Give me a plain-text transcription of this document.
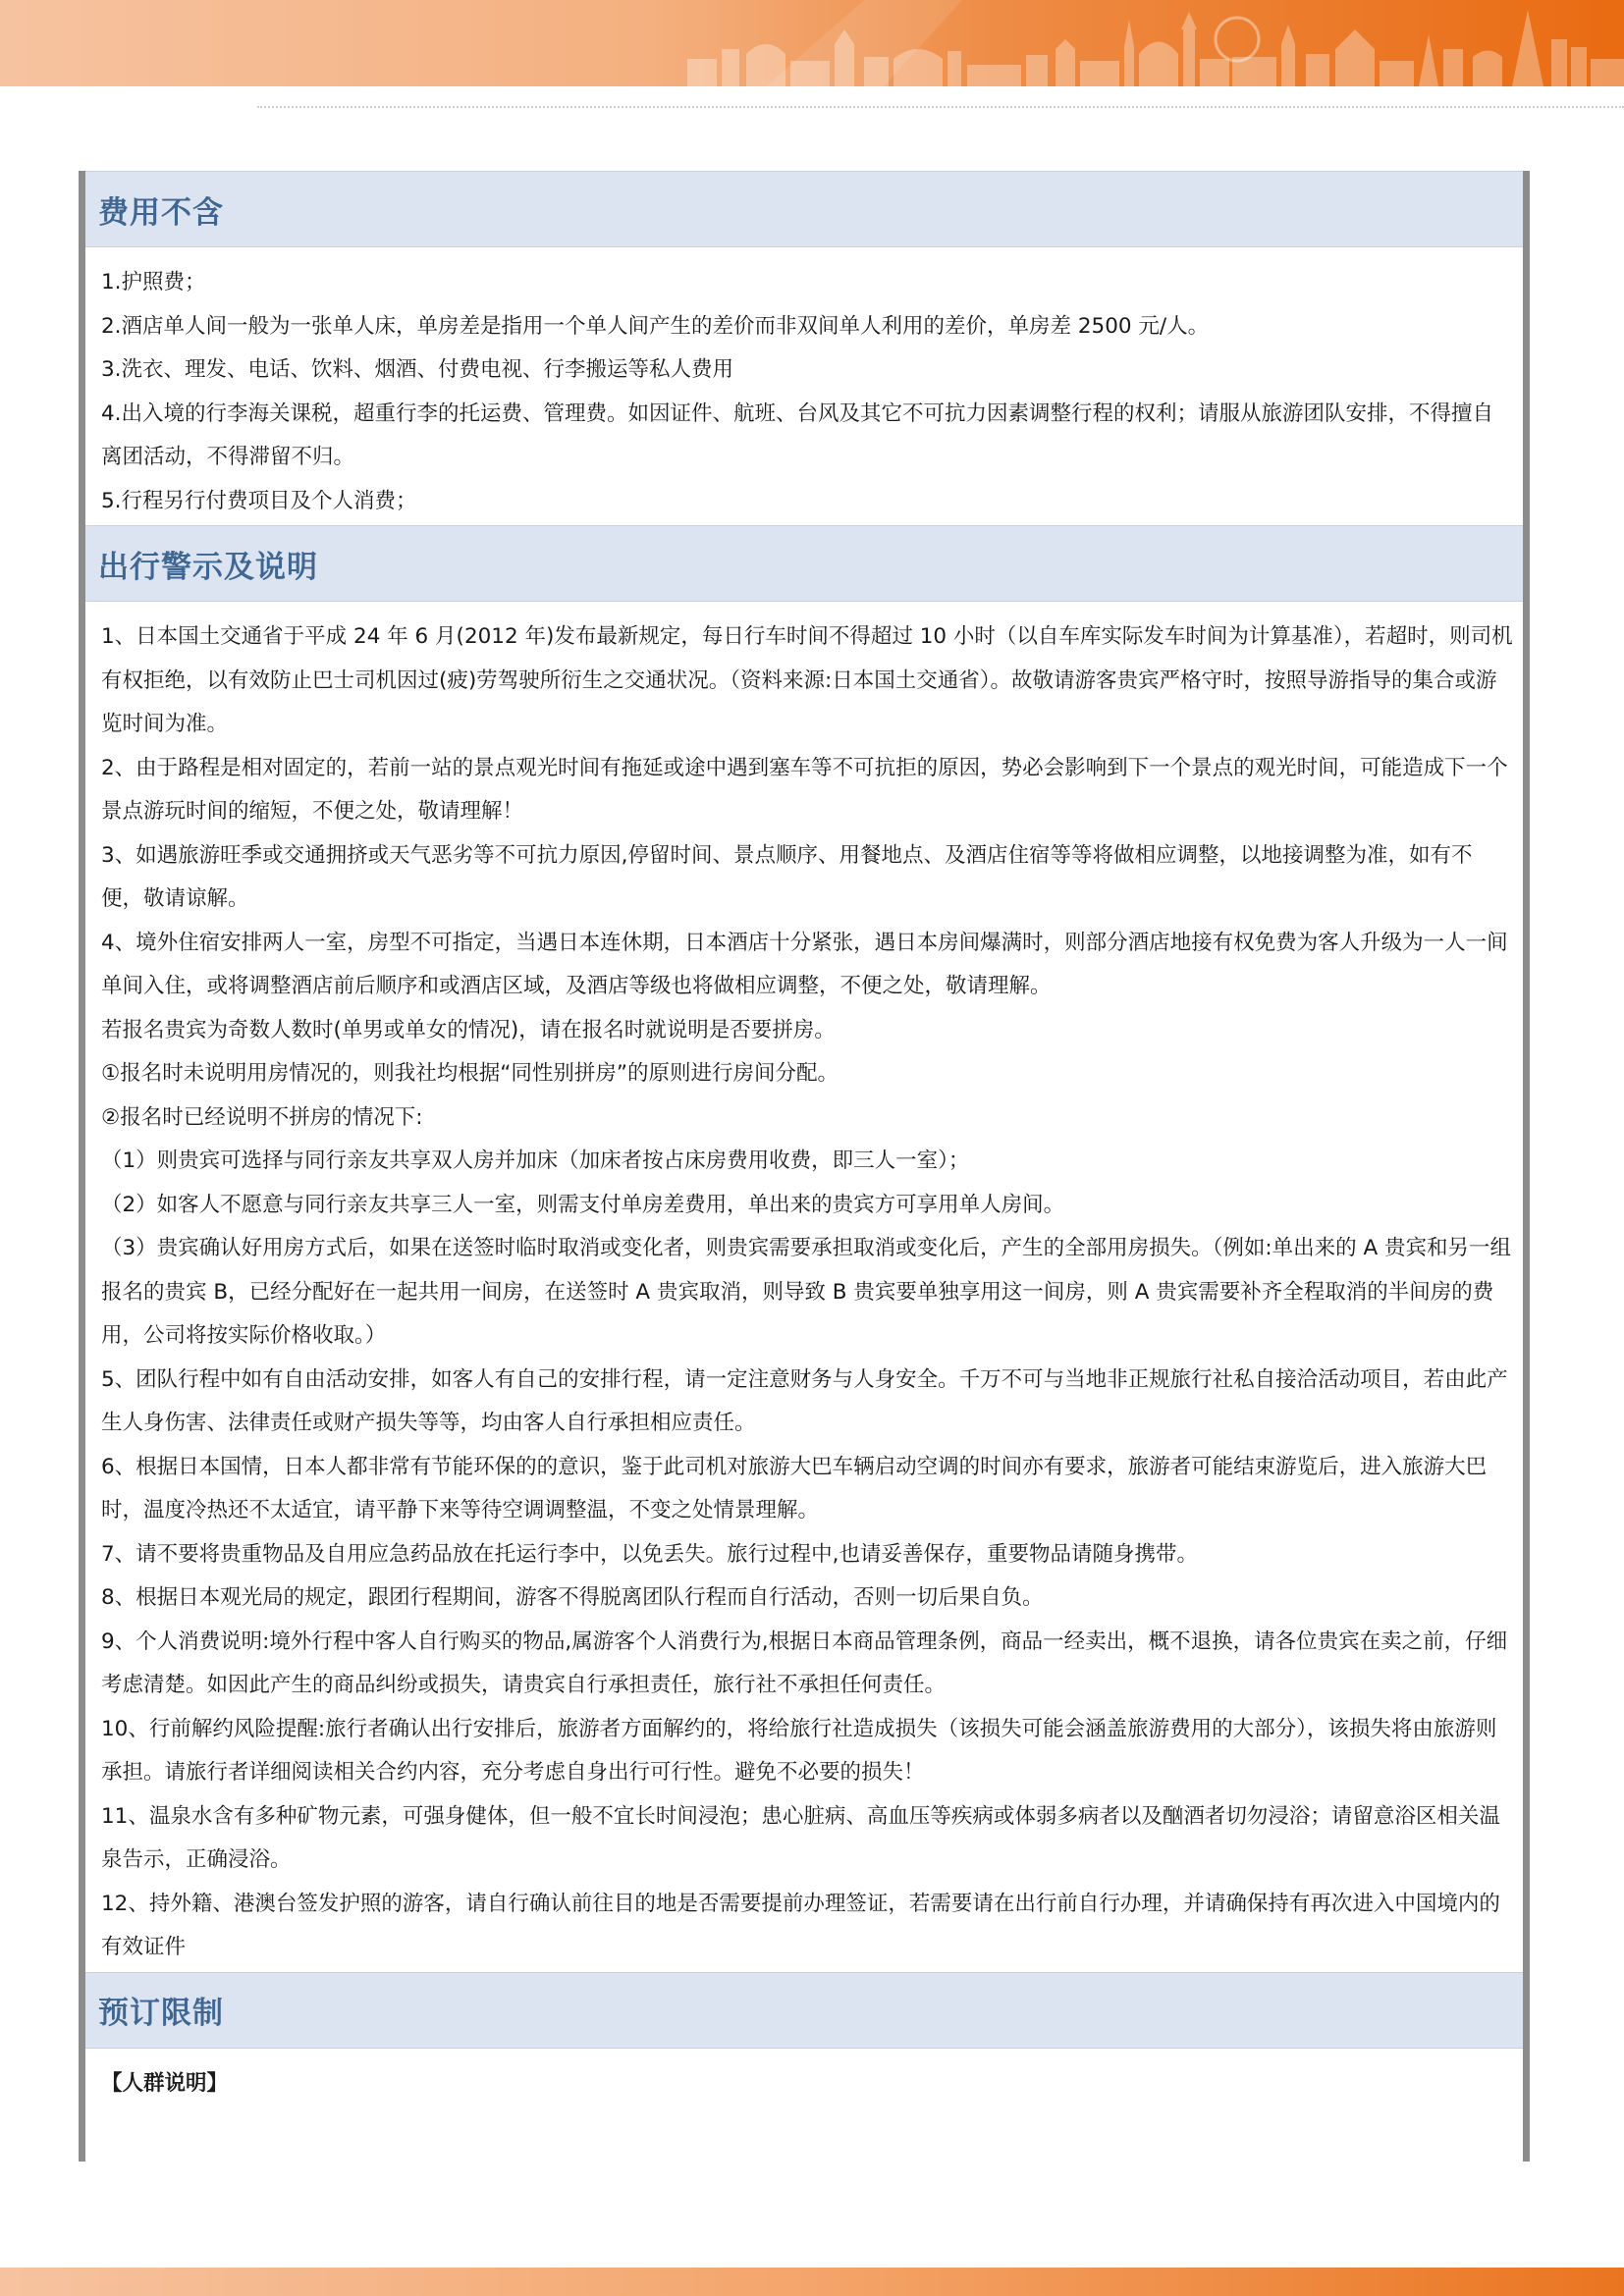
费用不含

1.护照费；

2.酒店单人间一般为一张单人床，单房差是指用一个单人间产生的差价而非双间单人利用的差价，单房差 2500 元/人。

3.洗衣、理发、电话、饮料、烟酒、付费电视、行李搬运等私人费用

4.出入境的行李海关课税，超重行李的托运费、管理费。如因证件、航班、台风及其它不可抗力因素调整行程的权利；请服从旅游团队安排，不得擅自离团活动，不得滞留不归。

5.行程另行付费项目及个人消费；

出行警示及说明

1、日本国土交通省于平成 24 年 6 月(2012 年)发布最新规定，每日行车时间不得超过 10 小时（以自车库实际发车时间为计算基准），若超时，则司机有权拒绝，以有效防止巴士司机因过(疲)劳驾驶所衍生之交通状况。（资料来源:日本国土交通省）。故敬请游客贵宾严格守时，按照导游指导的集合或游览时间为准。

2、由于路程是相对固定的，若前一站的景点观光时间有拖延或途中遇到塞车等不可抗拒的原因，势必会影响到下一个景点的观光时间，可能造成下一个景点游玩时间的缩短，不便之处，敬请理解！

3、如遇旅游旺季或交通拥挤或天气恶劣等不可抗力原因,停留时间、景点顺序、用餐地点、及酒店住宿等等将做相应调整，以地接调整为准，如有不便，敬请谅解。

4、境外住宿安排两人一室，房型不可指定，当遇日本连休期，日本酒店十分紧张，遇日本房间爆满时，则部分酒店地接有权免费为客人升级为一人一间单间入住，或将调整酒店前后顺序和或酒店区域，及酒店等级也将做相应调整，不便之处，敬请理解。

若报名贵宾为奇数人数时(单男或单女的情况)，请在报名时就说明是否要拼房。

①报名时未说明用房情况的，则我社均根据“同性别拼房”的原则进行房间分配。

②报名时已经说明不拼房的情况下:

（1）则贵宾可选择与同行亲友共享双人房并加床（加床者按占床房费用收费，即三人一室）；

（2）如客人不愿意与同行亲友共享三人一室，则需支付单房差费用，单出来的贵宾方可享用单人房间。

（3）贵宾确认好用房方式后，如果在送签时临时取消或变化者，则贵宾需要承担取消或变化后，产生的全部用房损失。（例如:单出来的 A 贵宾和另一组报名的贵宾 B，已经分配好在一起共用一间房，在送签时 A 贵宾取消，则导致 B 贵宾要单独享用这一间房，则 A 贵宾需要补齐全程取消的半间房的费用，公司将按实际价格收取。）

5、团队行程中如有自由活动安排，如客人有自己的安排行程，请一定注意财务与人身安全。千万不可与当地非正规旅行社私自接洽活动项目，若由此产生人身伤害、法律责任或财产损失等等，均由客人自行承担相应责任。

6、根据日本国情，日本人都非常有节能环保的的意识，鉴于此司机对旅游大巴车辆启动空调的时间亦有要求，旅游者可能结束游览后，进入旅游大巴时，温度冷热还不太适宜，请平静下来等待空调调整温，不变之处情景理解。

7、请不要将贵重物品及自用应急药品放在托运行李中，以免丢失。旅行过程中,也请妥善保存，重要物品请随身携带。

8、根据日本观光局的规定，跟团行程期间，游客不得脱离团队行程而自行活动，否则一切后果自负。

9、个人消费说明:境外行程中客人自行购买的物品,属游客个人消费行为,根据日本商品管理条例，商品一经卖出，概不退换，请各位贵宾在卖之前，仔细考虑清楚。如因此产生的商品纠纷或损失，请贵宾自行承担责任，旅行社不承担任何责任。

10、行前解约风险提醒:旅行者确认出行安排后，旅游者方面解约的，将给旅行社造成损失（该损失可能会涵盖旅游费用的大部分），该损失将由旅游则承担。请旅行者详细阅读相关合约内容，充分考虑自身出行可行性。避免不必要的损失！

11、温泉水含有多种矿物元素，可强身健体，但一般不宜长时间浸泡；患心脏病、高血压等疾病或体弱多病者以及酗酒者切勿浸浴；请留意浴区相关温泉告示，正确浸浴。

12、持外籍、港澳台签发护照的游客，请自行确认前往目的地是否需要提前办理签证，若需要请在出行前自行办理，并请确保持有再次进入中国境内的有效证件

预订限制

【人群说明】
